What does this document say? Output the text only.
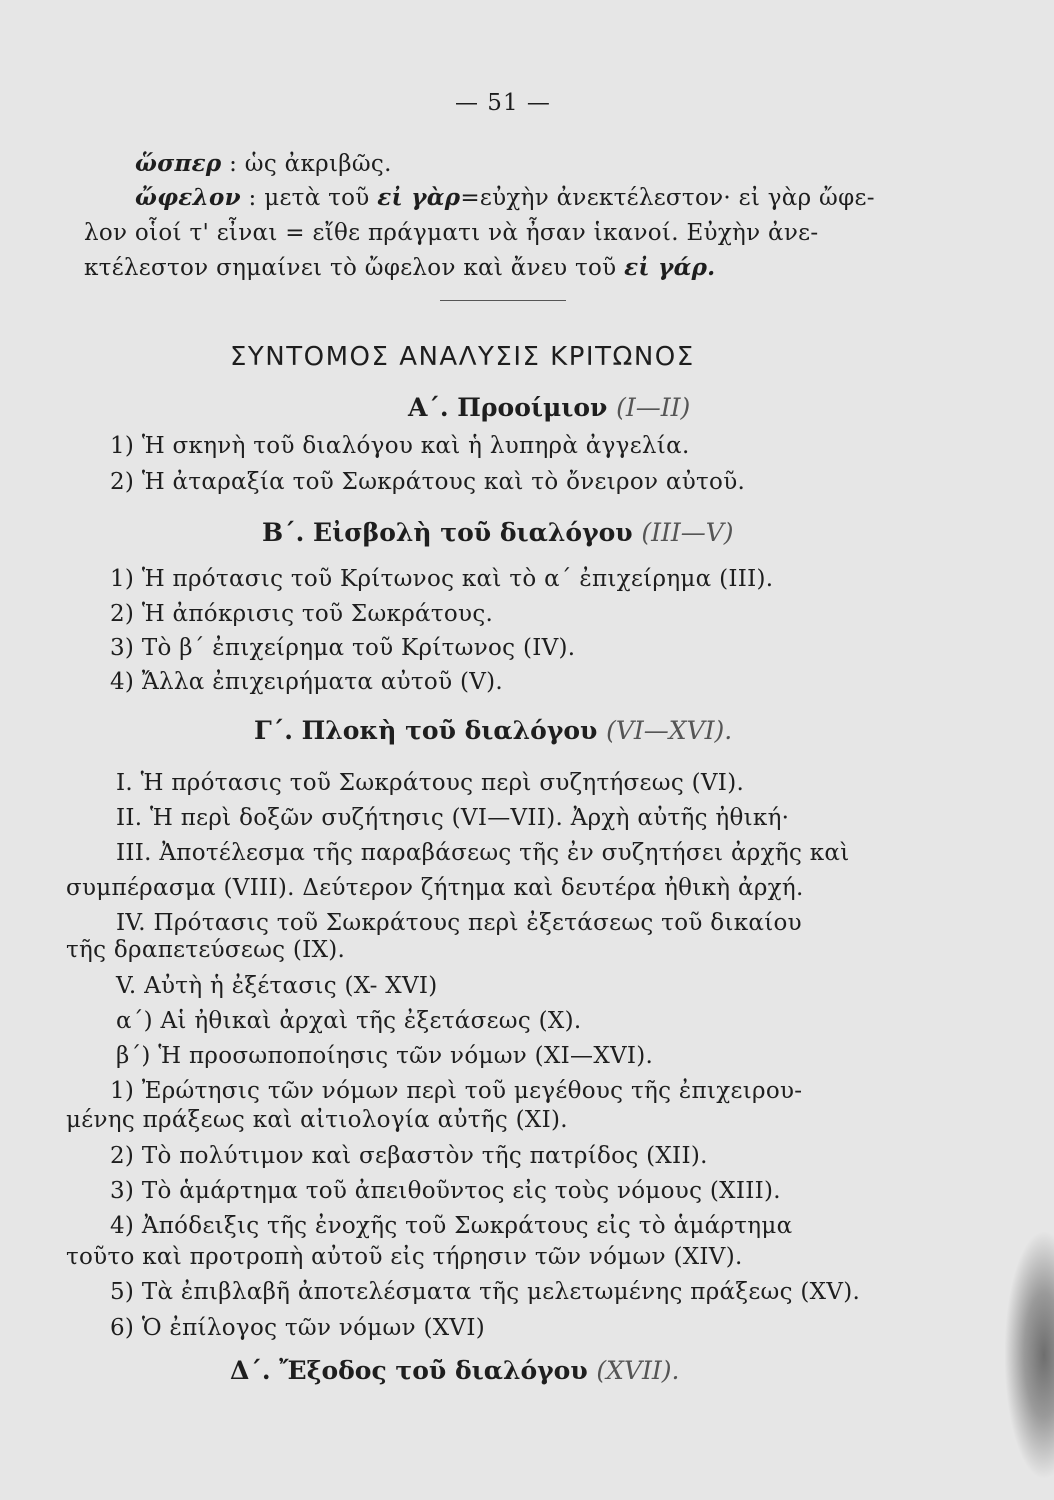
— 51 —
ὥσπερ : ὡς ἀκριβῶς.
ὤφελον : μετὰ τοῦ εἰ γὰρ=εὐχὴν ἀνεκτέλεστον· εἰ γὰρ ὤφε-
λον οἷοί τ' εἶναι = εἴθε πράγματι νὰ ἦσαν ἱκανοί. Εὐχὴν ἀνε-
κτέλεστον σημαίνει τὸ ὤφελον καὶ ἄνευ τοῦ εἰ γάρ.
ΣΥΝΤΟΜΟΣ ΑΝΑΛΥΣΙΣ ΚΡΙΤΩΝΟΣ
Α΄. Προοίμιον (I—II)
1) Ἡ σκηνὴ τοῦ διαλόγου καὶ ἡ λυπηρὰ ἀγγελία.
2) Ἡ ἀταραξία τοῦ Σωκράτους καὶ τὸ ὄνειρον αὐτοῦ.
Β΄. Εἰσβολὴ τοῦ διαλόγου (III—V)
1) Ἡ πρότασις τοῦ Κρίτωνος καὶ τὸ α΄ ἐπιχείρημα (III).
2) Ἡ ἀπόκρισις τοῦ Σωκράτους.
3) Τὸ β΄ ἐπιχείρημα τοῦ Κρίτωνος (IV).
4) Ἄλλα ἐπιχειρήματα αὐτοῦ (V).
Γ΄. Πλοκὴ τοῦ διαλόγου (VI—XVI).
I. Ἡ πρότασις τοῦ Σωκράτους περὶ συζητήσεως (VI).
II. Ἡ περὶ δοξῶν συζήτησις (VI—VII). Ἀρχὴ αὐτῆς ἠθική·
III. Ἀποτέλεσμα τῆς παραβάσεως τῆς ἐν συζητήσει ἀρχῆς καὶ
συμπέρασμα (VIII). Δεύτερον ζήτημα καὶ δευτέρα ἠθικὴ ἀρχή.
IV. Πρότασις τοῦ Σωκράτους περὶ ἐξετάσεως τοῦ δικαίου
τῆς δραπετεύσεως (IX).
V. Αὐτὴ ἡ ἐξέτασις (X- XVI)
α΄) Αἱ ἠθικαὶ ἀρχαὶ τῆς ἐξετάσεως (X).
β΄) Ἡ προσωποποίησις τῶν νόμων (XI—XVI).
1) Ἐρώτησις τῶν νόμων περὶ τοῦ μεγέθους τῆς ἐπιχειρου-
μένης πράξεως καὶ αἰτιολογία αὐτῆς (XI).
2) Τὸ πολύτιμον καὶ σεβαστὸν τῆς πατρίδος (XII).
3) Τὸ ἁμάρτημα τοῦ ἀπειθοῦντος εἰς τοὺς νόμους (XIII).
4) Ἀπόδειξις τῆς ἐνοχῆς τοῦ Σωκράτους εἰς τὸ ἁμάρτημα
τοῦτο καὶ προτροπὴ αὐτοῦ εἰς τήρησιν τῶν νόμων (XIV).
5) Τὰ ἐπιβλαβῆ ἀποτελέσματα τῆς μελετωμένης πράξεως (XV).
6) Ὁ ἐπίλογος τῶν νόμων (XVI)
Δ΄. Ἔξοδος τοῦ διαλόγου (XVII).
